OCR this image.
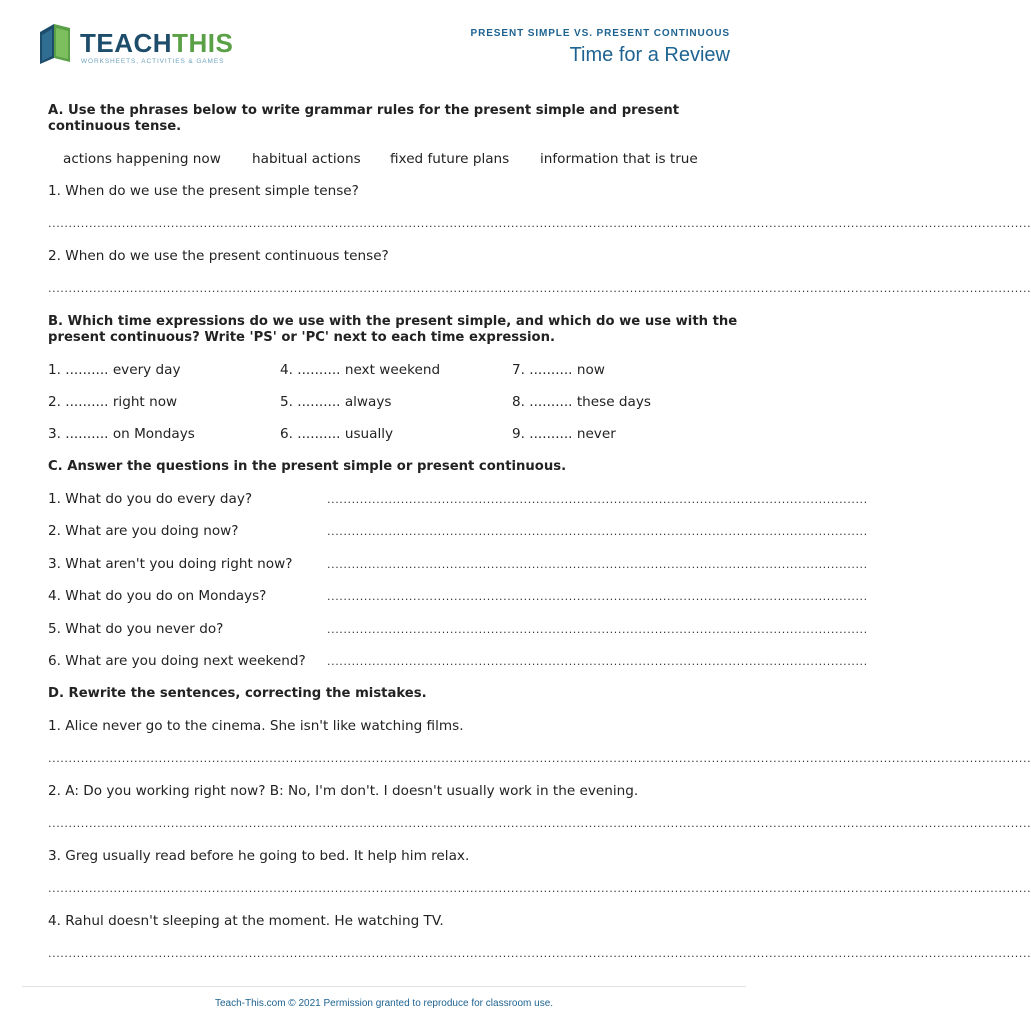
TEACHTHIS
WORKSHEETS, ACTIVITIES & GAMES
PRESENT SIMPLE VS. PRESENT CONTINUOUS
Time for a Review
A. Use the phrases below to write grammar rules for the present simple and present continuous tense.
actions happening now habitual actions fixed future plans information that is true
1. When do we use the present simple tense?
................................................................................................................................................................................................................................................
2. When do we use the present continuous tense?
................................................................................................................................................................................................................................................
B. Which time expressions do we use with the present simple, and which do we use with the present continuous? Write 'PS' or 'PC' next to each time expression.
1. .......... every day	4. .......... next weekend	7. .......... now
2. .......... right now	5. .......... always	8. .......... these days
3. .......... on Mondays	6. .......... usually	9. .......... never
C. Answer the questions in the present simple or present continuous.
1. What do you do every day?	....................................................................................................................................
2. What are you doing now?	....................................................................................................................................
3. What aren't you doing right now?	....................................................................................................................................
4. What do you do on Mondays?	....................................................................................................................................
5. What do you never do?	....................................................................................................................................
6. What are you doing next weekend? ....................................................................................................................................
D. Rewrite the sentences, correcting the mistakes.
1. Alice never go to the cinema. She isn't like watching films.
................................................................................................................................................................................................................................................
2. A: Do you working right now? B: No, I'm don't. I doesn't usually work in the evening.
................................................................................................................................................................................................................................................
3. Greg usually read before he going to bed. It help him relax.
................................................................................................................................................................................................................................................
4. Rahul doesn't sleeping at the moment. He watching TV.
................................................................................................................................................................................................................................................
Teach-This.com © 2021 Permission granted to reproduce for classroom use.
